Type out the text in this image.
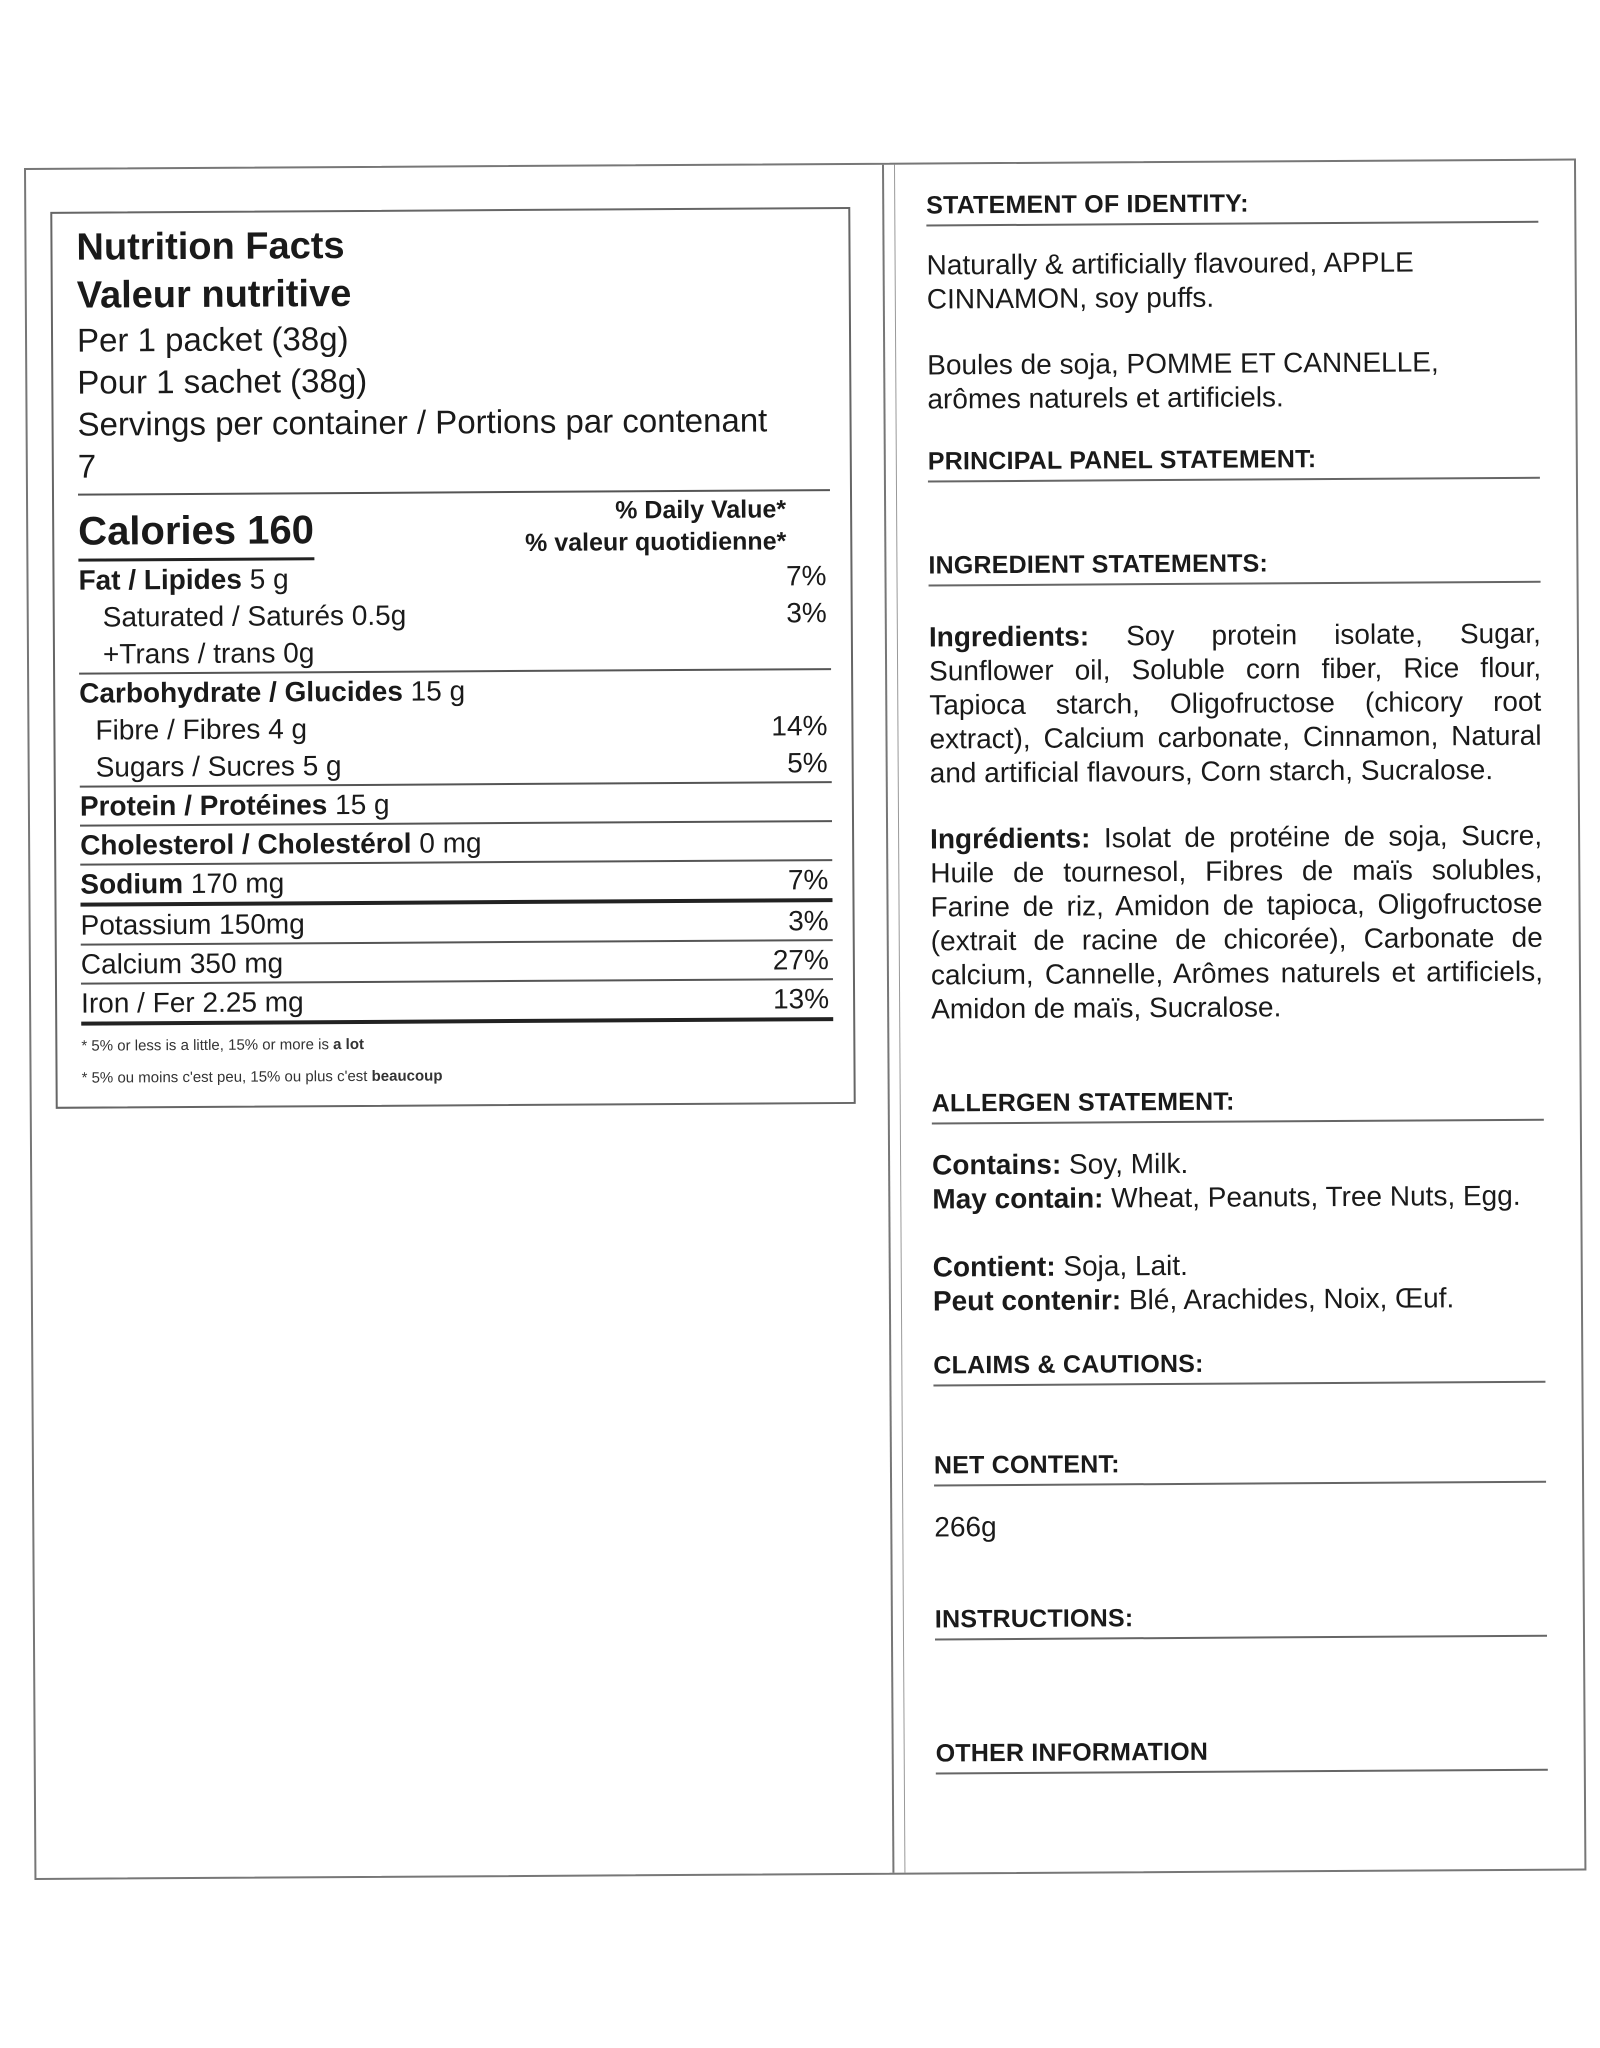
Nutrition Facts
Valeur nutritive
Per 1 packet (38g)
Pour 1 sachet (38g)
Servings per container / Portions par contenant
7
Calories 160	% Daily Value*
% valeur quotidienne*
Fat / Lipides 5 g	7%
Saturated / Saturés 0.5g	3%
+Trans / trans 0g
Carbohydrate / Glucides 15 g
Fibre / Fibres 4 g	14%
Sugars / Sucres 5 g	5%
Protein / Protéines 15 g
Cholesterol / Cholestérol 0 mg
Sodium 170 mg	7%
Potassium 150mg	3%
Calcium 350 mg	27%
Iron / Fer 2.25 mg	13%
* 5% or less is a little, 15% or more is a lot
* 5% ou moins c'est peu, 15% ou plus c'est beaucoup
STATEMENT OF IDENTITY:
Naturally & artificially flavoured, APPLE CINNAMON, soy puffs.
Boules de soja, POMME ET CANNELLE, arômes naturels et artificiels.
PRINCIPAL PANEL STATEMENT:
INGREDIENT STATEMENTS:
Ingredients: Soy protein isolate, Sugar, Sunflower oil, Soluble corn fiber, Rice flour, Tapioca starch, Oligofructose (chicory root extract), Calcium carbonate, Cinnamon, Natural and artificial flavours, Corn starch, Sucralose.
Ingrédients: Isolat de protéine de soja, Sucre, Huile de tournesol, Fibres de maïs solubles, Farine de riz, Amidon de tapioca, Oligofructose (extrait de racine de chicorée), Carbonate de calcium, Cannelle, Arômes naturels et artificiels, Amidon de maïs, Sucralose.
ALLERGEN STATEMENT:
Contains: Soy, Milk.
May contain: Wheat, Peanuts, Tree Nuts, Egg.
Contient: Soja, Lait.
Peut contenir: Blé, Arachides, Noix, Œuf.
CLAIMS & CAUTIONS:
NET CONTENT:
266g
INSTRUCTIONS:
OTHER INFORMATION
